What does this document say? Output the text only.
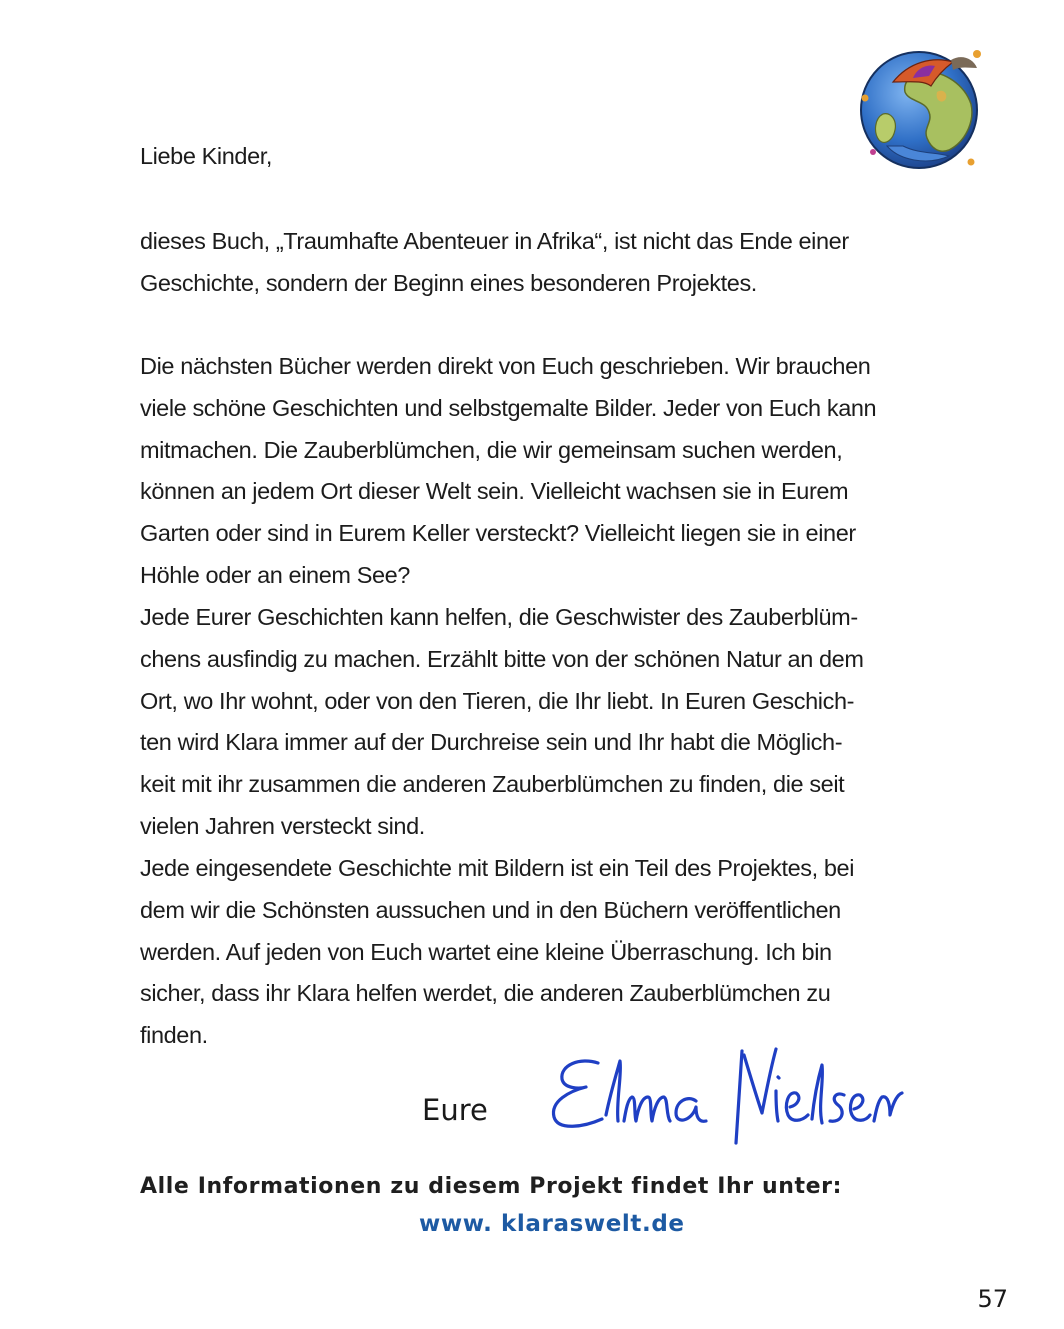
Liebe Kinder,
dieses Buch, „Traumhafte Abenteuer in Afrika“, ist nicht das Ende einer
Geschichte, sondern der Beginn eines besonderen Projektes.
Die nächsten Bücher werden direkt von Euch geschrieben. Wir brauchen
viele schöne Geschichten und selbstgemalte Bilder. Jeder von Euch kann
mitmachen. Die Zauberblümchen, die wir gemeinsam suchen werden,
können an jedem Ort dieser Welt sein. Vielleicht wachsen sie in Eurem
Garten oder sind in Eurem Keller versteckt? Vielleicht liegen sie in einer
Höhle oder an einem See?
Jede Eurer Geschichten kann helfen, die Geschwister des Zauberblüm-
chens ausfindig zu machen. Erzählt bitte von der schönen Natur an dem
Ort, wo Ihr wohnt, oder von den Tieren, die Ihr liebt. In Euren Geschich-
ten wird Klara immer auf der Durchreise sein und Ihr habt die Möglich-
keit mit ihr zusammen die anderen Zauberblümchen zu finden, die seit
vielen Jahren versteckt sind.
Jede eingesendete Geschichte mit Bildern ist ein Teil des Projektes, bei
dem wir die Schönsten aussuchen und in den Büchern veröffentlichen
werden. Auf jeden von Euch wartet eine kleine Überraschung. Ich bin
sicher, dass ihr Klara helfen werdet, die anderen Zauberblümchen zu
finden.
Eure
Alle Informationen zu diesem Projekt findet Ihr unter:
www. klaraswelt.de
57
